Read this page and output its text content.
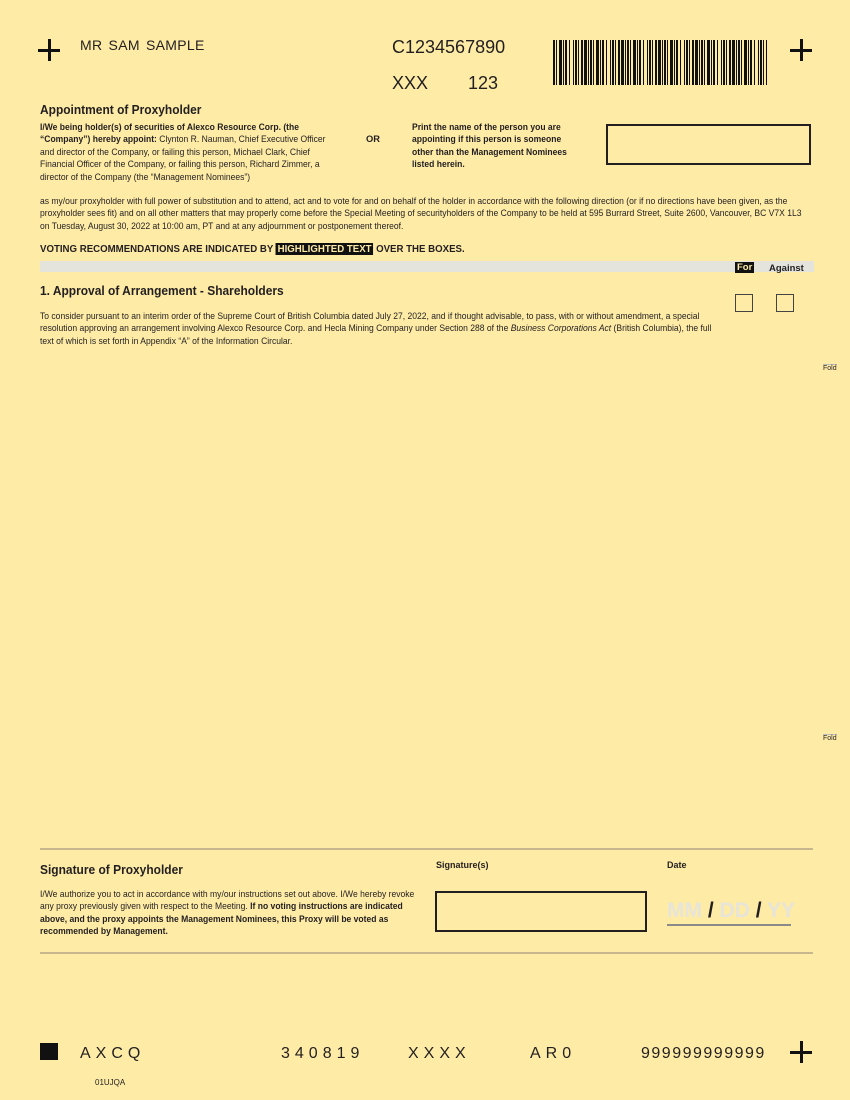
MR SAM SAMPLE	C1234567890
XXX 123
Appointment of Proxyholder
I/We being holder(s) of securities of Alexco Resource Corp. (the “Company”) hereby appoint: Clynton R. Nauman, Chief Executive Officer and director of the Company, or failing this person, Michael Clark, Chief Financial Officer of the Company, or failing this person, Richard Zimmer, a director of the Company (the “Management Nominees”)
OR
Print the name of the person you are appointing if this person is someone other than the Management Nominees listed herein.
as my/our proxyholder with full power of substitution and to attend, act and to vote for and on behalf of the holder in accordance with the following direction (or if no directions have been given, as the proxyholder sees fit) and on all other matters that may properly come before the Special Meeting of securityholders of the Company to be held at 595 Burrard Street, Suite 2600, Vancouver, BC V7X 1L3 on Tuesday, August 30, 2022 at 10:00 am, PT and at any adjournment or postponement thereof.
VOTING RECOMMENDATIONS ARE INDICATED BY HIGHLIGHTED TEXT OVER THE BOXES.
For Against
1. Approval of Arrangement - Shareholders
To consider pursuant to an interim order of the Supreme Court of British Columbia dated July 27, 2022, and if thought advisable, to pass, with or without amendment, a special resolution approving an arrangement involving Alexco Resource Corp. and Hecla Mining Company under Section 288 of the Business Corporations Act (British Columbia), the full text of which is set forth in Appendix “A” of the Information Circular.
Fold
Fold
Signature of Proxyholder
I/We authorize you to act in accordance with my/our instructions set out above. I/We hereby revoke any proxy previously given with respect to the Meeting. If no voting instructions are indicated above, and the proxy appoints the Management Nominees, this Proxy will be voted as recommended by Management.
Signature(s)	Date
MM / DD / YY
AXCQ	340819	XXXX	AR0	999999999999
01UJQA
